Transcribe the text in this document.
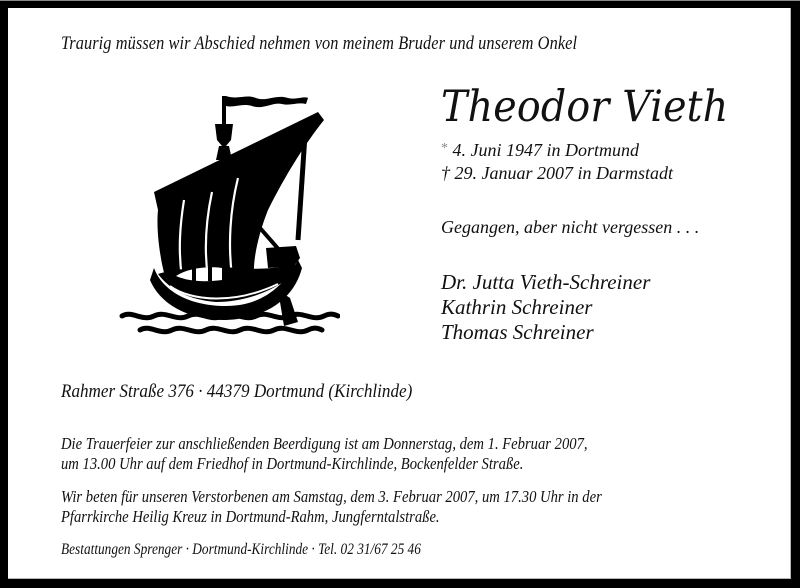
Traurig müssen wir Abschied nehmen von meinem Bruder und unserem Onkel
Theodor Vieth
* 4. Juni 1947 in Dortmund
† 29. Januar 2007 in Darmstadt
Gegangen, aber nicht vergessen . . .
Dr. Jutta Vieth-Schreiner
Kathrin Schreiner
Thomas Schreiner
Rahmer Straße 376 · 44379 Dortmund (Kirchlinde)
Die Trauerfeier zur anschließenden Beerdigung ist am Donnerstag, dem 1. Februar 2007,
um 13.00 Uhr auf dem Friedhof in Dortmund-Kirchlinde, Bockenfelder Straße.
Wir beten für unseren Verstorbenen am Samstag, dem 3. Februar 2007, um 17.30 Uhr in der
Pfarrkirche Heilig Kreuz in Dortmund-Rahm, Jungferntalstraße.
Bestattungen Sprenger · Dortmund-Kirchlinde · Tel. 02 31/67 25 46
